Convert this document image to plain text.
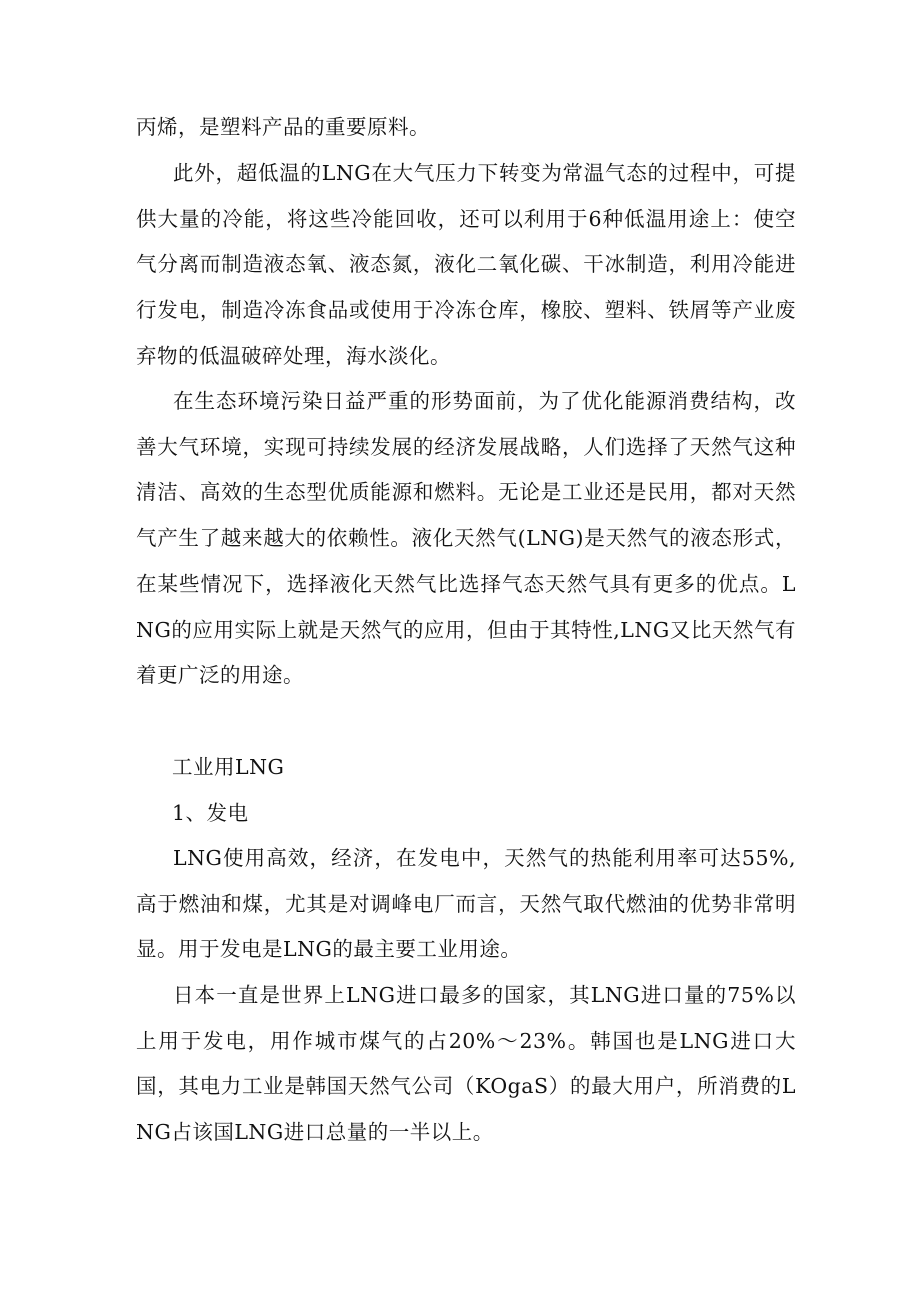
丙烯，是塑料产品的重要原料。

此外，超低温的LNG在大气压力下转变为常温气态的过程中，可提供大量的冷能，将这些冷能回收，还可以利用于6种低温用途上：使空气分离而制造液态氧、液态氮，液化二氧化碳、干冰制造，利用冷能进行发电，制造冷冻食品或使用于冷冻仓库，橡胶、塑料、铁屑等产业废弃物的低温破碎处理，海水淡化。

在生态环境污染日益严重的形势面前，为了优化能源消费结构，改善大气环境，实现可持续发展的经济发展战略，人们选择了天然气这种清洁、高效的生态型优质能源和燃料。无论是工业还是民用，都对天然气产生了越来越大的依赖性。液化天然气(LNG)是天然气的液态形式，在某些情况下，选择液化天然气比选择气态天然气具有更多的优点。LNG的应用实际上就是天然气的应用，但由于其特性,LNG又比天然气有着更广泛的用途。

工业用LNG

1、发电

LNG使用高效，经济，在发电中，天然气的热能利用率可达55%,高于燃油和煤，尤其是对调峰电厂而言，天然气取代燃油的优势非常明显。用于发电是LNG的最主要工业用途。

日本一直是世界上LNG进口最多的国家，其LNG进口量的75%以上用于发电，用作城市煤气的占20%～23%。韩国也是LNG进口大国，其电力工业是韩国天然气公司（KOgaS）的最大用户，所消费的LNG占该国LNG进口总量的一半以上。
